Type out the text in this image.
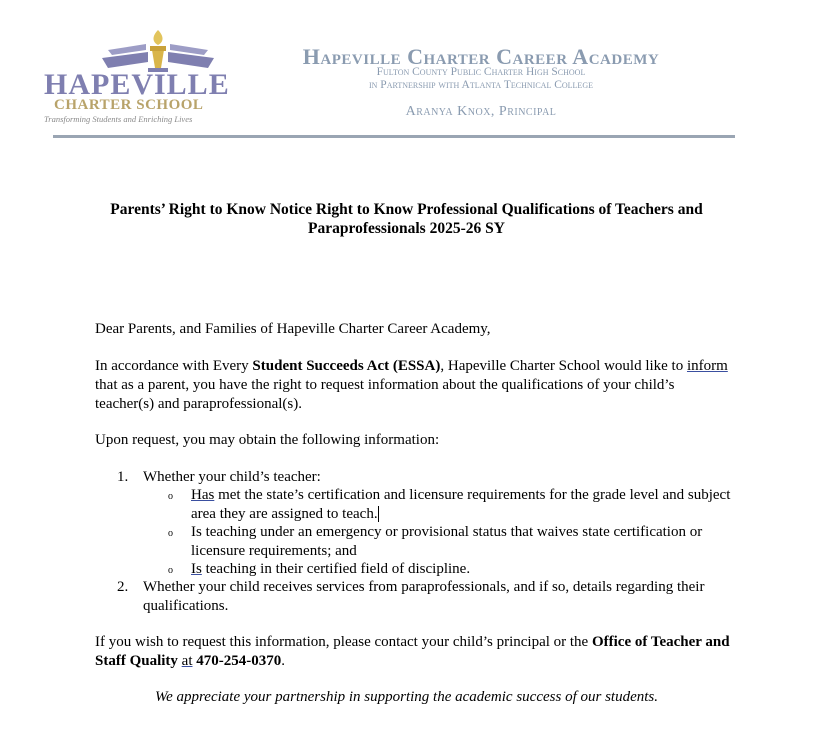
HAPEVILLE
CHARTER SCHOOL
Transforming Students and Enriching Lives
Hapeville Charter Career Academy
Fulton County Public Charter High School
in Partnership with Atlanta Technical College
Aranya Knox, Principal
Parents’ Right to Know Notice Right to Know Professional Qualifications of Teachers and Paraprofessionals 2025-26 SY
Dear Parents, and Families of Hapeville Charter Career Academy,
In accordance with Every Student Succeeds Act (ESSA), Hapeville Charter School would like to inform that as a parent, you have the right to request information about the qualifications of your child’s teacher(s) and paraprofessional(s).
Upon request, you may obtain the following information:
1. Whether your child’s teacher:
o Has met the state’s certification and licensure requirements for the grade level and subject area they are assigned to teach.
o Is teaching under an emergency or provisional status that waives state certification or licensure requirements; and
o Is teaching in their certified field of discipline.
2. Whether your child receives services from paraprofessionals, and if so, details regarding their qualifications.
If you wish to request this information, please contact your child’s principal or the Office of Teacher and Staff Quality at 470-254-0370.
We appreciate your partnership in supporting the academic success of our students.
